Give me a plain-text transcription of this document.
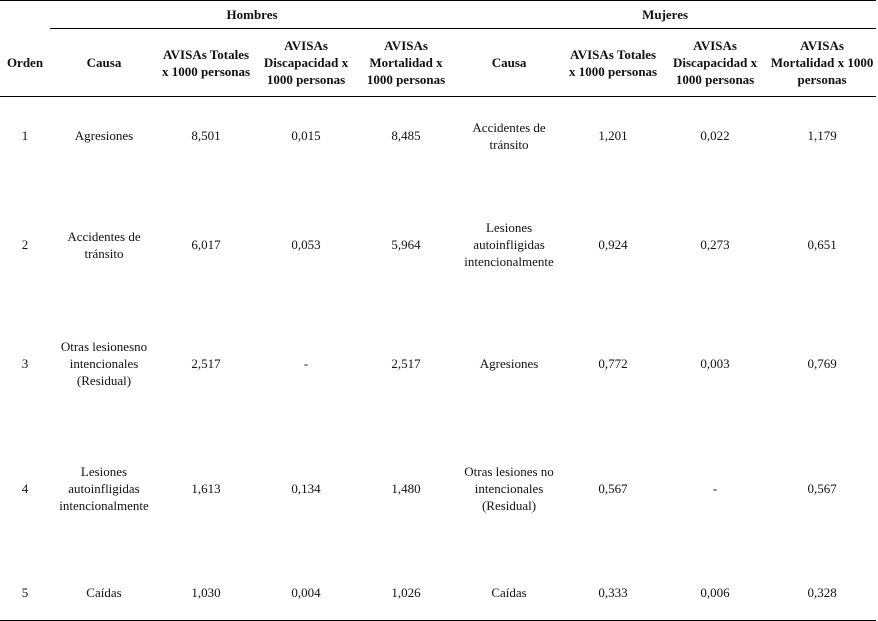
	Hombres				Mujeres			
Orden	Causa	AVISAs Totales x 1000 personas	AVISAs Discapacidad x 1000 personas	AVISAs Mortalidad x 1000 personas	Causa	AVISAs Totales x 1000 personas	AVISAs Discapacidad x 1000 personas	AVISAs Mortalidad x 1000 personas
1	Agresiones	8,501	0,015	8,485	Accidentes de tránsito	1,201	0,022	1,179
2	Accidentes de tránsito	6,017	0,053	5,964	Lesiones autoinfligidas intencionalmente	0,924	0,273	0,651
3	Otras lesionesno intencionales (Residual)	2,517	-	2,517	Agresiones	0,772	0,003	0,769
4	Lesiones autoinfligidas intencionalmente	1,613	0,134	1,480	Otras lesiones no intencionales (Residual)	0,567	-	0,567
5	Caídas	1,030	0,004	1,026	Caídas	0,333	0,006	0,328
